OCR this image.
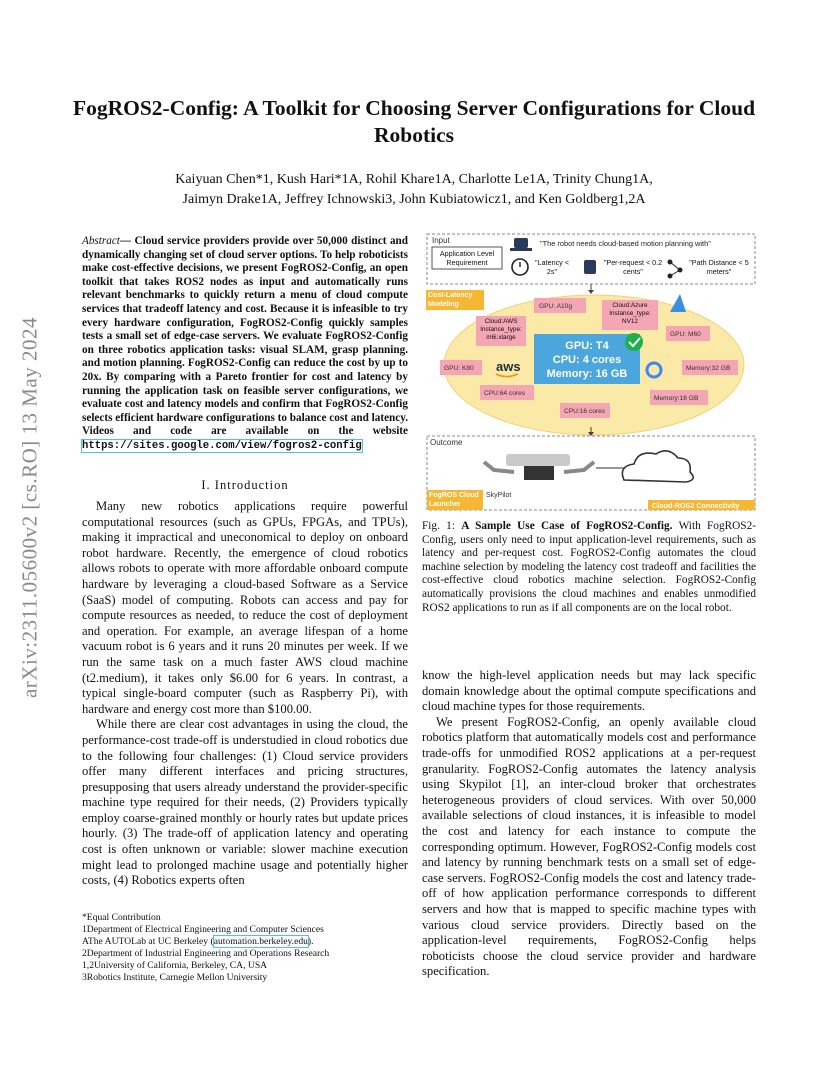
FogROS2-Config: A Toolkit for Choosing Server Configurations for Cloud Robotics
Kaiyuan Chen*1, Kush Hari*1A, Rohil Khare1A, Charlotte Le1A, Trinity Chung1A,
Jaimyn Drake1A, Jeffrey Ichnowski3, John Kubiatowicz1, and Ken Goldberg1,2A
arXiv:2311.05600v2 [cs.RO] 13 May 2024
Abstract— Cloud service providers provide over 50,000 distinct and dynamically changing set of cloud server options. To help roboticists make cost-effective decisions, we present FogROS2-Config, an open toolkit that takes ROS2 nodes as input and automatically runs relevant benchmarks to quickly return a menu of cloud compute services that tradeoff latency and cost. Because it is infeasible to try every hardware configuration, FogROS2-Config quickly samples tests a small set of edge-case servers. We evaluate FogROS2-Config on three robotics application tasks: visual SLAM, grasp planning. and motion planning. FogROS2-Config can reduce the cost by up to 20x. By comparing with a Pareto frontier for cost and latency by running the application task on feasible server configurations, we evaluate cost and latency models and confirm that FogROS2-Config selects efficient hardware configurations to balance cost and latency. Videos and code are available on the website https://sites.google.com/view/fogros2-config
I. Introduction

Many new robotics applications require powerful computational resources (such as GPUs, FPGAs, and TPUs), making it impractical and uneconomical to deploy on onboard robot hardware. Recently, the emergence of cloud robotics allows robots to operate with more affordable onboard compute hardware by leveraging a cloud-based Software as a Service (SaaS) model of computing. Robots can access and pay for compute resources as needed, to reduce the cost of deployment and operation. For example, an average lifespan of a home vacuum robot is 6 years and it runs 20 minutes per week. If we run the same task on a much faster AWS cloud machine (t2.medium), it takes only $6.00 for 6 years. In contrast, a typical single-board computer (such as Raspberry Pi), with hardware and energy cost more than $100.00.

While there are clear cost advantages in using the cloud, the performance-cost trade-off is understudied in cloud robotics due to the following four challenges: (1) Cloud service providers offer many different interfaces and pricing structures, presupposing that users already understand the provider-specific machine type required for their needs, (2) Providers typically employ coarse-grained monthly or hourly rates but update prices hourly. (3) The trade-off of application latency and operating cost is often unknown or variable: slower machine execution might lead to prolonged machine usage and potentially higher costs, (4) Robotics experts often

*Equal Contribution
1Department of Electrical Engineering and Computer Sciences
AThe AUTOLab at UC Berkeley (automation.berkeley.edu).
2Department of Industrial Engineering and Operations Research
1,2University of California, Berkeley, CA, USA
3Robotics Institute, Carnegie Mellon University
Input
Application Level Requirement
"The robot needs cloud-based motion planning with"
"Latency < 2s"
"Per-request < 0.2 cents"
"Path Distance < 5 meters"
Cost-Latency Modeling	GPU: A10g	Cloud:Azure Instance_type: NV12
Cloud:AWS Instance_type: m6i.xlarge	GPU: M60
GPU: K80	Memory:32 GB
CPU:64 cores
Memory:16 GB
CPU:16 cores
aws
GPU: T4
CPU: 4 cores
Memory: 16 GB
Outcome
FogROS Cloud Launcher
SkyPilot
Cloud-ROS2 Connectivity
Fig. 1: A Sample Use Case of FogROS2-Config. With FogROS2-Config, users only need to input application-level requirements, such as latency and per-request cost. FogROS2-Config automates the cloud machine selection by modeling the latency cost tradeoff and facilities the cost-effective cloud robotics machine selection. FogROS2-Config automatically provisions the cloud machines and enables unmodified ROS2 applications to run as if all components are on the local robot.

know the high-level application needs but may lack specific domain knowledge about the optimal compute specifications and cloud machine types for those requirements.

We present FogROS2-Config, an openly available cloud robotics platform that automatically models cost and performance trade-offs for unmodified ROS2 applications at a per-request granularity. FogROS2-Config automates the latency analysis using Skypilot [1], an inter-cloud broker that orchestrates heterogeneous providers of cloud services. With over 50,000 available selections of cloud instances, it is infeasible to model the cost and latency for each instance to compute the corresponding optimum. However, FogROS2-Config models cost and latency by running benchmark tests on a small set of edge-case servers. FogROS2-Config models the cost and latency trade-off of how application performance corresponds to different servers and how that is mapped to specific machine types with various cloud service providers. Directly based on the application-level requirements, FogROS2-Config helps roboticists choose the cloud service provider and hardware specification.
